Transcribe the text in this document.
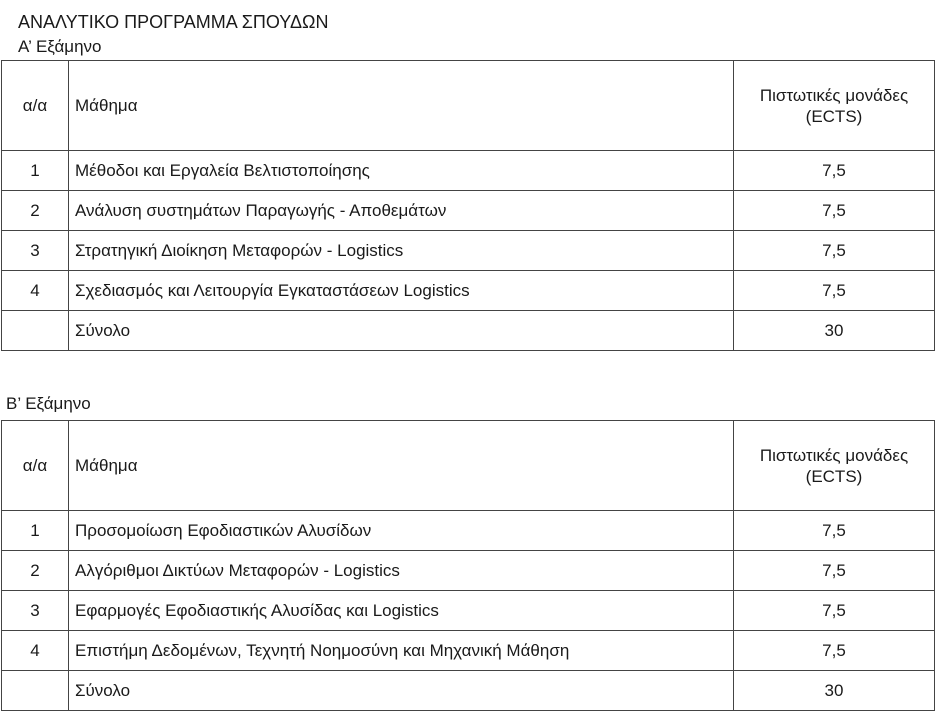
ΑΝΑΛΥΤΙΚΟ ΠΡΟΓΡΑΜΜΑ ΣΠΟΥΔΩΝ
Α’ Εξάμηνο
α/α	Μάθημα	Πιστωτικές μονάδες
(ECTS)
1	Μέθοδοι και Εργαλεία Βελτιστοποίησης	7,5
2	Ανάλυση συστημάτων Παραγωγής - Αποθεμάτων	7,5
3	Στρατηγική Διοίκηση Μεταφορών - Logistics	7,5
4	Σχεδιασμός και Λειτουργία Εγκαταστάσεων Logistics	7,5
	Σύνολο	30
Β’ Εξάμηνο
α/α	Μάθημα	Πιστωτικές μονάδες
(ECTS)
1	Προσομοίωση Εφοδιαστικών Αλυσίδων	7,5
2	Αλγόριθμοι Δικτύων Μεταφορών - Logistics	7,5
3	Εφαρμογές Εφοδιαστικής Αλυσίδας και Logistics	7,5
4	Επιστήμη Δεδομένων, Τεχνητή Νοημοσύνη και Μηχανική Μάθηση	7,5
	Σύνολο	30
